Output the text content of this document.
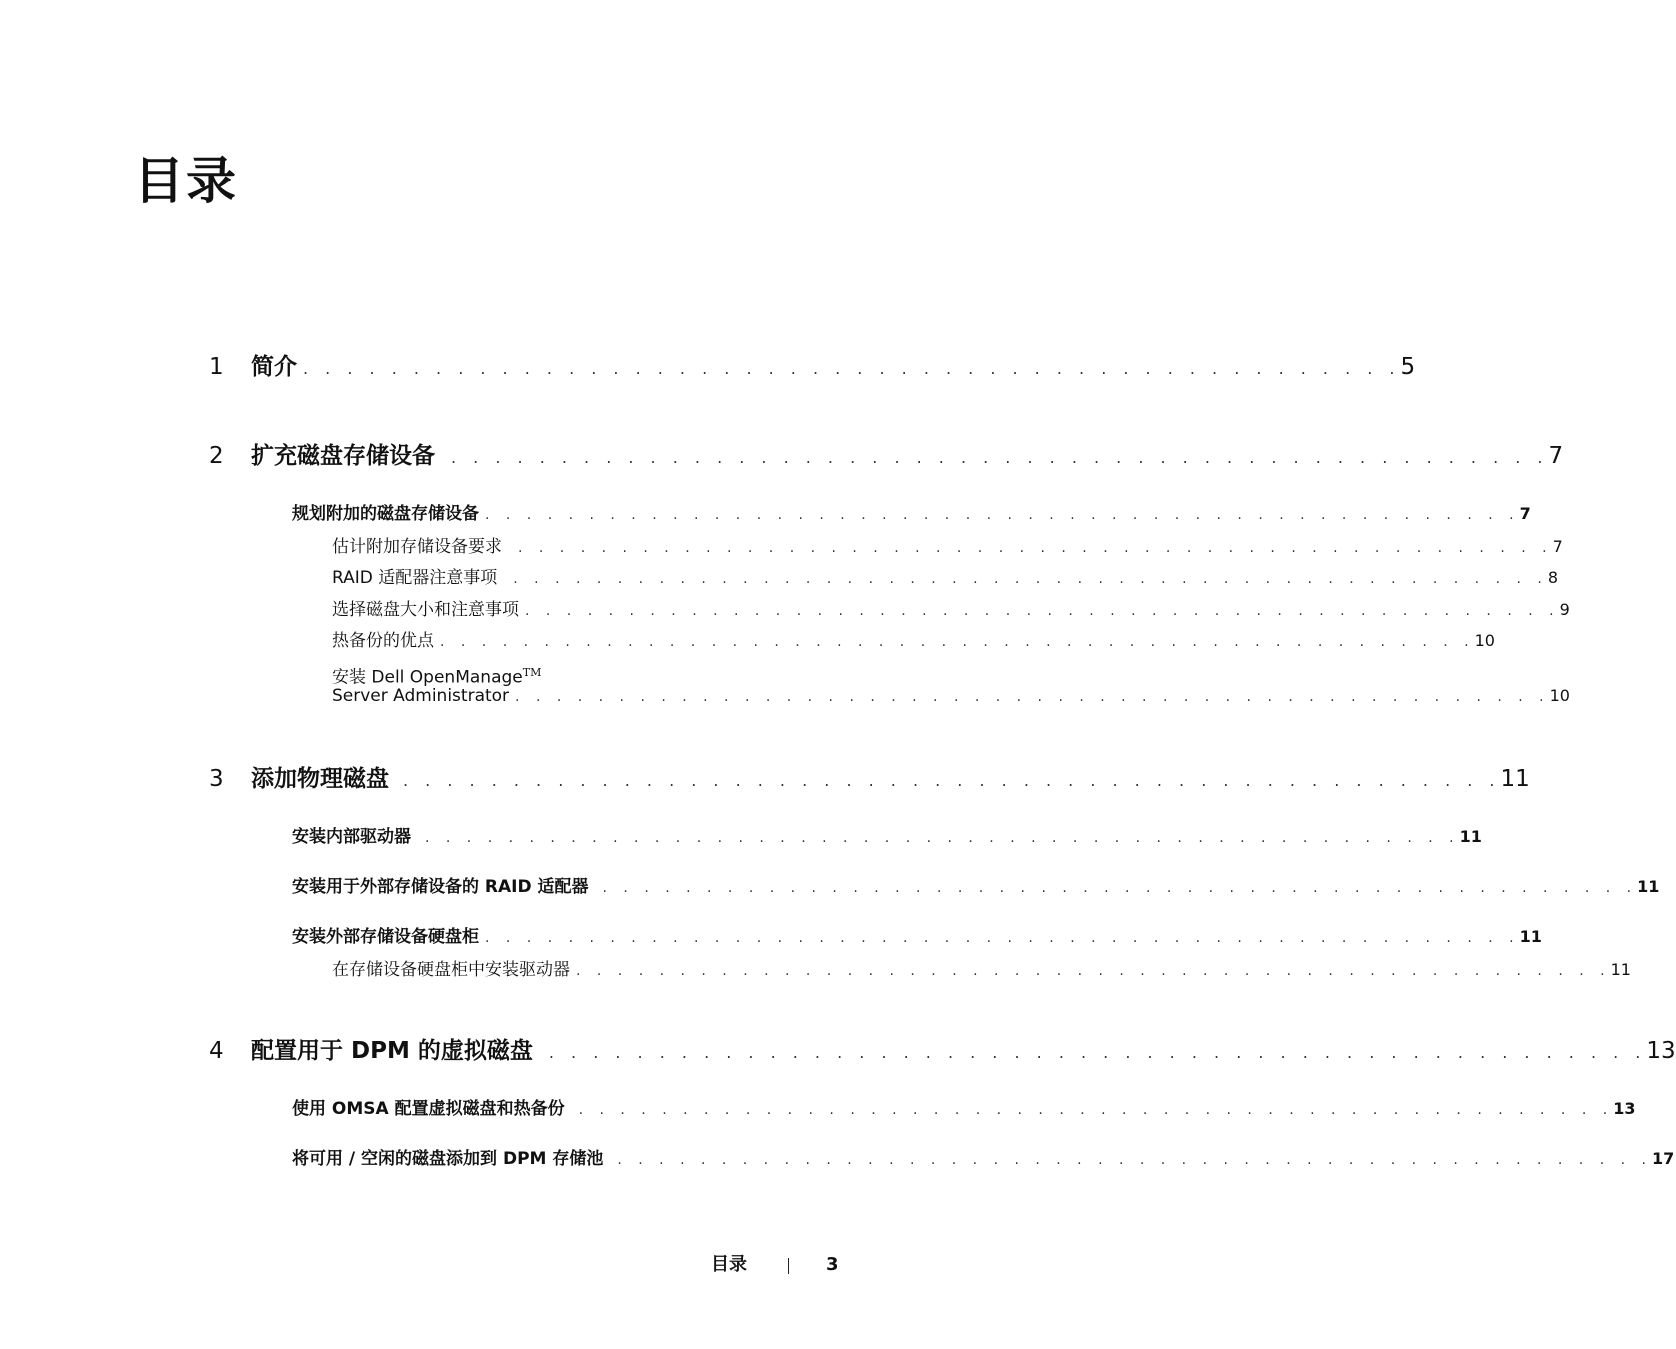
目录
1 简介 . . . . . . . . . . . . . . . . . . . . . . . . . . . . . . . . . . . . . . . . . . . . . . . . . . 5
2 扩充磁盘存储设备	. . . . . . . . . . . . . . . . . . . . . . . . . . . . . . . . . . . . . . . . . . . . . . . . . . 7
规划附加的磁盘存储设备 . . . . . . . . . . . . . . . . . . . . . . . . . . . . . . . . . . . . . . . . . . . . . . . . . . 7
估计附加存储设备要求	. . . . . . . . . . . . . . . . . . . . . . . . . . . . . . . . . . . . . . . . . . . . . . . . . . 7
RAID 适配器注意事项	. . . . . . . . . . . . . . . . . . . . . . . . . . . . . . . . . . . . . . . . . . . . . . . . . . 8
选择磁盘大小和注意事项 . . . . . . . . . . . . . . . . . . . . . . . . . . . . . . . . . . . . . . . . . . . . . . . . . . 9
热备份的优点 . . . . . . . . . . . . . . . . . . . . . . . . . . . . . . . . . . . . . . . . . . . . . . . . . . 10
安装 Dell OpenManage™
Server Administrator . . . . . . . . . . . . . . . . . . . . . . . . . . . . . . . . . . . . . . . . . . . . . . . . . . 10
3 添加物理磁盘 . . . . . . . . . . . . . . . . . . . . . . . . . . . . . . . . . . . . . . . . . . . . . . . . . . 11
安装内部驱动器	. . . . . . . . . . . . . . . . . . . . . . . . . . . . . . . . . . . . . . . . . . . . . . . . . . 11
安装用于外部存储设备的 RAID 适配器	. . . . . . . . . . . . . . . . . . . . . . . . . . . . . . . . . . . . . . . . . . . . . . . . . . 11
安装外部存储设备硬盘柜 . . . . . . . . . . . . . . . . . . . . . . . . . . . . . . . . . . . . . . . . . . . . . . . . . . 11
在存储设备硬盘柜中安装驱动器 . . . . . . . . . . . . . . . . . . . . . . . . . . . . . . . . . . . . . . . . . . . . . . . . . . 11
4 配置用于 DPM 的虚拟磁盘	. . . . . . . . . . . . . . . . . . . . . . . . . . . . . . . . . . . . . . . . . . . . . . . . . . 13
使用 OMSA 配置虚拟磁盘和热备份	. . . . . . . . . . . . . . . . . . . . . . . . . . . . . . . . . . . . . . . . . . . . . . . . . . 13
将可用 / 空闲的磁盘添加到 DPM 存储池	. . . . . . . . . . . . . . . . . . . . . . . . . . . . . . . . . . . . . . . . . . . . . . . . . . 17
目录	3
